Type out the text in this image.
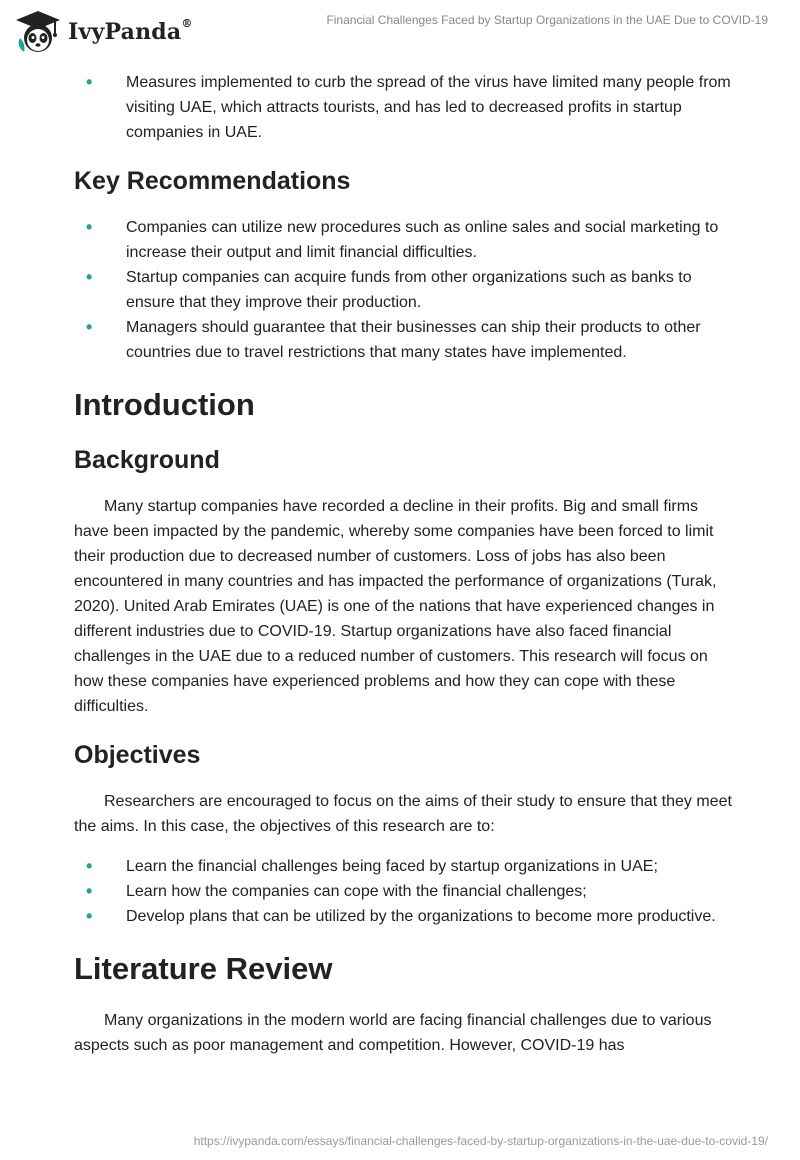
IvyPanda®	Financial Challenges Faced by Startup Organizations in the UAE Due to COVID-19
• Measures implemented to curb the spread of the virus have limited many people from visiting UAE, which attracts tourists, and has led to decreased profits in startup companies in UAE.
Key Recommendations
• Companies can utilize new procedures such as online sales and social marketing to increase their output and limit financial difficulties.
• Startup companies can acquire funds from other organizations such as banks to ensure that they improve their production.
• Managers should guarantee that their businesses can ship their products to other countries due to travel restrictions that many states have implemented.
Introduction
Background

Many startup companies have recorded a decline in their profits. Big and small firms have been impacted by the pandemic, whereby some companies have been forced to limit their production due to decreased number of customers. Loss of jobs has also been encountered in many countries and has impacted the performance of organizations (Turak, 2020). United Arab Emirates (UAE) is one of the nations that have experienced changes in different industries due to COVID-19. Startup organizations have also faced financial challenges in the UAE due to a reduced number of customers. This research will focus on how these companies have experienced problems and how they can cope with these difficulties.

Objectives

Researchers are encouraged to focus on the aims of their study to ensure that they meet the aims. In this case, the objectives of this research are to:

• Learn the financial challenges being faced by startup organizations in UAE;
• Learn how the companies can cope with the financial challenges;
• Develop plans that can be utilized by the organizations to become more productive.
Literature Review

Many organizations in the modern world are facing financial challenges due to various aspects such as poor management and competition. However, COVID-19 has

https://ivypanda.com/essays/financial-challenges-faced-by-startup-organizations-in-the-uae-due-to-covid-19/
